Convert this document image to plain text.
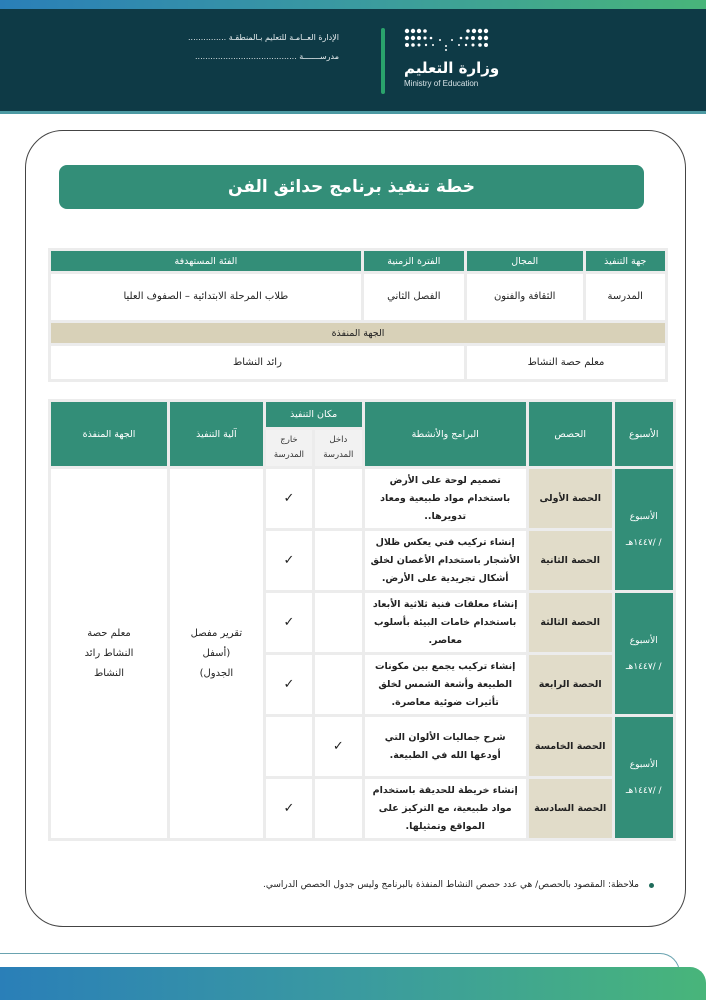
وزارة التعليم
Ministry of Education
الإدارة العــامـة للتعليم بـالمنطقـة ...............
مدرســـــــة ........................................
خطة تنفيذ برنامج حدائق الفن
جهة التنفيذ	المجال	الفترة الزمنية	الفئة المستهدفة
المدرسة	الثقافة والفنون	الفصل الثاني	طلاب المرحلة الابتدائية – الصفوف العليا
الجهة المنفذة			
معلم حصة النشاط		رائد النشاط	
الأسبوع	الحصص	البرامج والأنشطة	مكان التنفيذ		آلية التنفيذ	الجهة المنفذة
			داخل المدرسة	خارج المدرسة		

الأسبوع
/ /١٤٤٧هـ	الحصة الأولى	تصميم لوحة على الأرض باستخدام مواد طبيعية ومعاد تدويرها..		✓	تقرير مفصل (أسفل الجدول)	معلم حصة النشاط رائد النشاط
	الحصة الثانية	إنشاء تركيب فني يعكس ظلال الأشجار باستخدام الأغصان لخلق أشكال تجريدية على الأرض.		✓		

الأسبوع
/ /١٤٤٧هـ	الحصة الثالثة	إنشاء معلقات فنية ثلاثية الأبعاد باستخدام خامات البيئة بأسلوب معاصر.		✓		
	الحصة الرابعة	إنشاء تركيب يجمع بين مكونات الطبيعة وأشعة الشمس لخلق تأثيرات ضوئية معاصرة.		✓		

الأسبوع
/ /١٤٤٧هـ	الحصة الخامسة	شرح جماليات الألوان التي أودعها الله في الطبيعة.	✓			
	الحصة السادسة	إنشاء خريطة للحديقة باستخدام مواد طبيعية، مع التركيز على المواقع وتمثيلها.		✓		
ملاحظة: المقصود بالحصص/ هي عدد حصص النشاط المنفذة بالبرنامج وليس جدول الحصص الدراسي.
